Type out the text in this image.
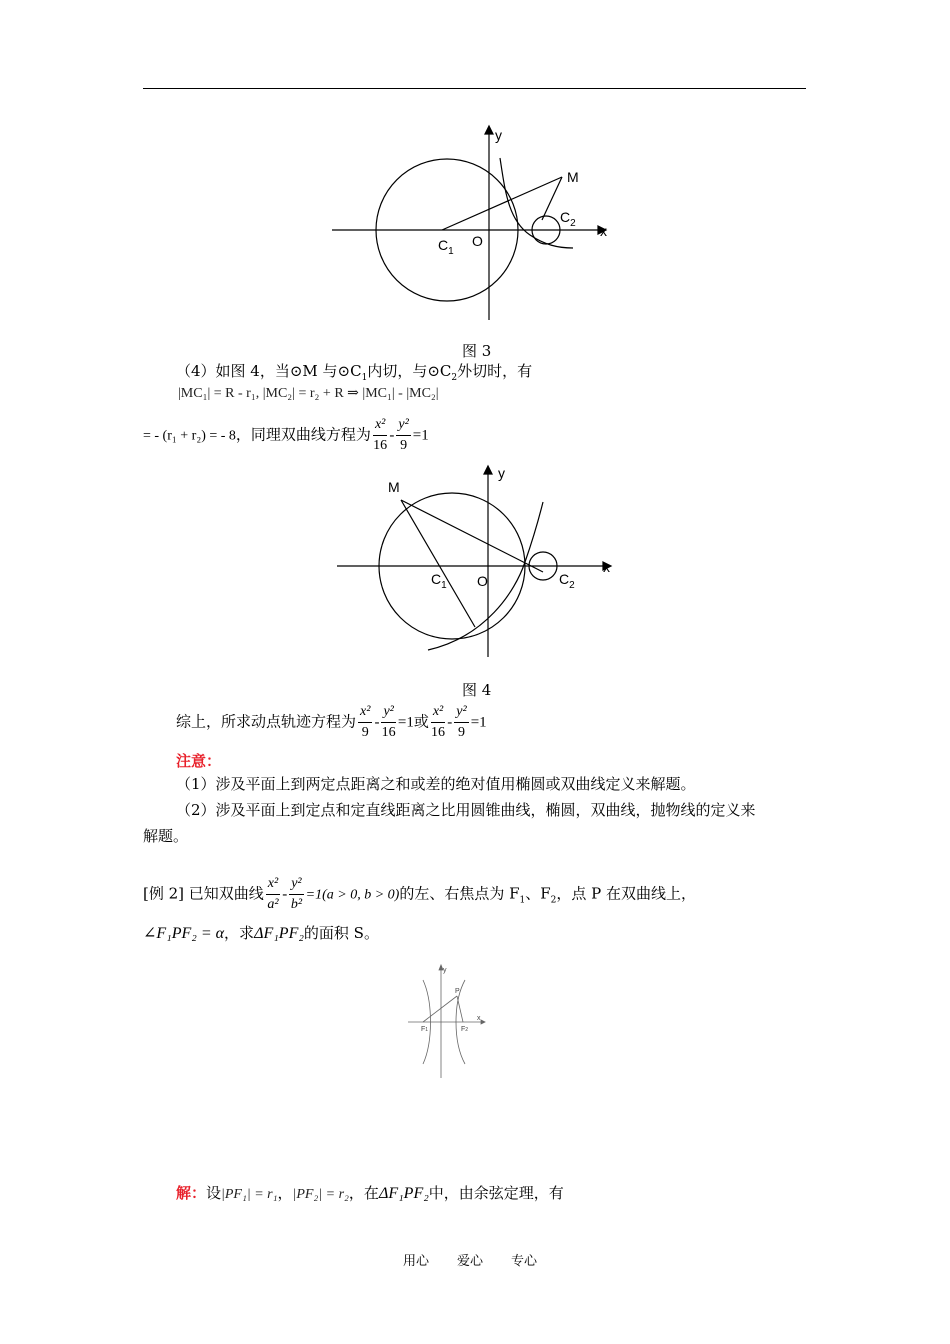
y
x
M
$C_1$
O
$C_2$
图 3
（4）如图 4，当⊙M 与$⊙C_1$内切，与$⊙C_2$外切时，有
|MC₁| = R - r₁, |MC₂| = r₂ + R ⇒ |MC₁| - |MC₂|
= - (r₁ + r₂) = - 8，同理双曲线方程为 $\frac{\text{x²}}{16} - \frac{\text{y²}}{9} =1$
y
x
M
$C_1$ O	$C_2$
图 4
综上，所求动点轨迹方程为 $\frac{\text{x²}}{9} - \frac{\text{y²}}{16} =1$或 $\frac{\text{x²}}{16} - \frac{\text{y²}}{9} =1$
注意：
（1）涉及平面上到两定点距离之和或差的绝对值用椭圆或双曲线定义来解题。
（2）涉及平面上到定点和定直线距离之比用圆锥曲线，椭圆，双曲线，抛物线的定义来
解题。
[例 2] 已知双曲线 $\frac{\text{x²}}{\text{a²}} - \frac{\text{y²}}{\text{b²}} =1(a > 0$, b > 0)的左、右焦点为 $F_1$、$F_2$，点 P 在双曲线上，
∠F₁PF₂ = α，求ΔF₁PF₂的面积 S。
y
x
P
F1	F2
解：设|PF₁| = r₁，|PF₂| = r₂，在ΔF₁PF₂中，由余弦定理，有
用心 爱心 专心
